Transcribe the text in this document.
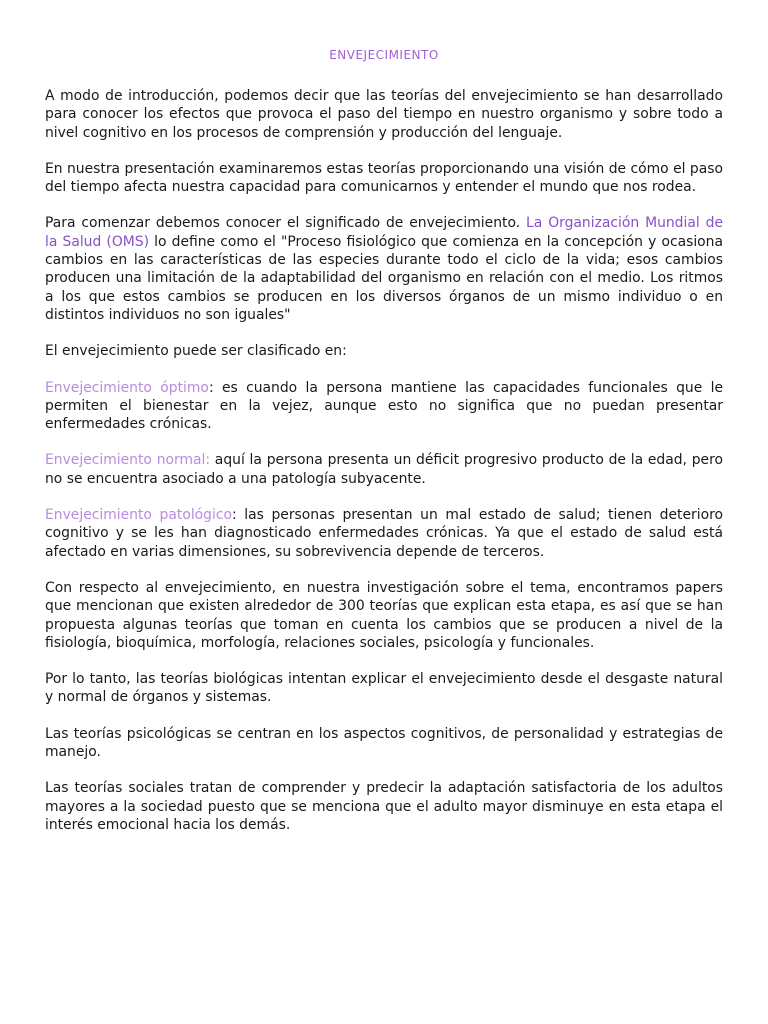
ENVEJECIMIENTO

A modo de introducción, podemos decir que las teorías del envejecimiento se han desarrollado para conocer los efectos que provoca el paso del tiempo en nuestro organismo y sobre todo a nivel cognitivo en los procesos de comprensión y producción del lenguaje.

En nuestra presentación examinaremos estas teorías proporcionando una visión de cómo el paso del tiempo afecta nuestra capacidad para comunicarnos y entender el mundo que nos rodea.

Para comenzar debemos conocer el significado de envejecimiento. La Organización Mundial de la Salud (OMS) lo define como el "Proceso fisiológico que comienza en la concepción y ocasiona cambios en las características de las especies durante todo el ciclo de la vida; esos cambios producen una limitación de la adaptabilidad del organismo en relación con el medio. Los ritmos a los que estos cambios se producen en los diversos órganos de un mismo individuo o en distintos individuos no son iguales"

El envejecimiento puede ser clasificado en:

Envejecimiento óptimo: es cuando la persona mantiene las capacidades funcionales que le permiten el bienestar en la vejez, aunque esto no significa que no puedan presentar enfermedades crónicas.

Envejecimiento normal: aquí la persona presenta un déficit progresivo producto de la edad, pero no se encuentra asociado a una patología subyacente.

Envejecimiento patológico: las personas presentan un mal estado de salud; tienen deterioro cognitivo y se les han diagnosticado enfermedades crónicas. Ya que el estado de salud está afectado en varias dimensiones, su sobrevivencia depende de terceros.

Con respecto al envejecimiento, en nuestra investigación sobre el tema, encontramos papers que mencionan que existen alrededor de 300 teorías que explican esta etapa, es así que se han propuesta algunas teorías que toman en cuenta los cambios que se producen a nivel de la fisiología, bioquímica, morfología, relaciones sociales, psicología y funcionales.

Por lo tanto, las teorías biológicas intentan explicar el envejecimiento desde el desgaste natural y normal de órganos y sistemas.

Las teorías psicológicas se centran en los aspectos cognitivos, de personalidad y estrategias de manejo.

Las teorías sociales tratan de comprender y predecir la adaptación satisfactoria de los adultos mayores a la sociedad puesto que se menciona que el adulto mayor disminuye en esta etapa el interés emocional hacia los demás.
